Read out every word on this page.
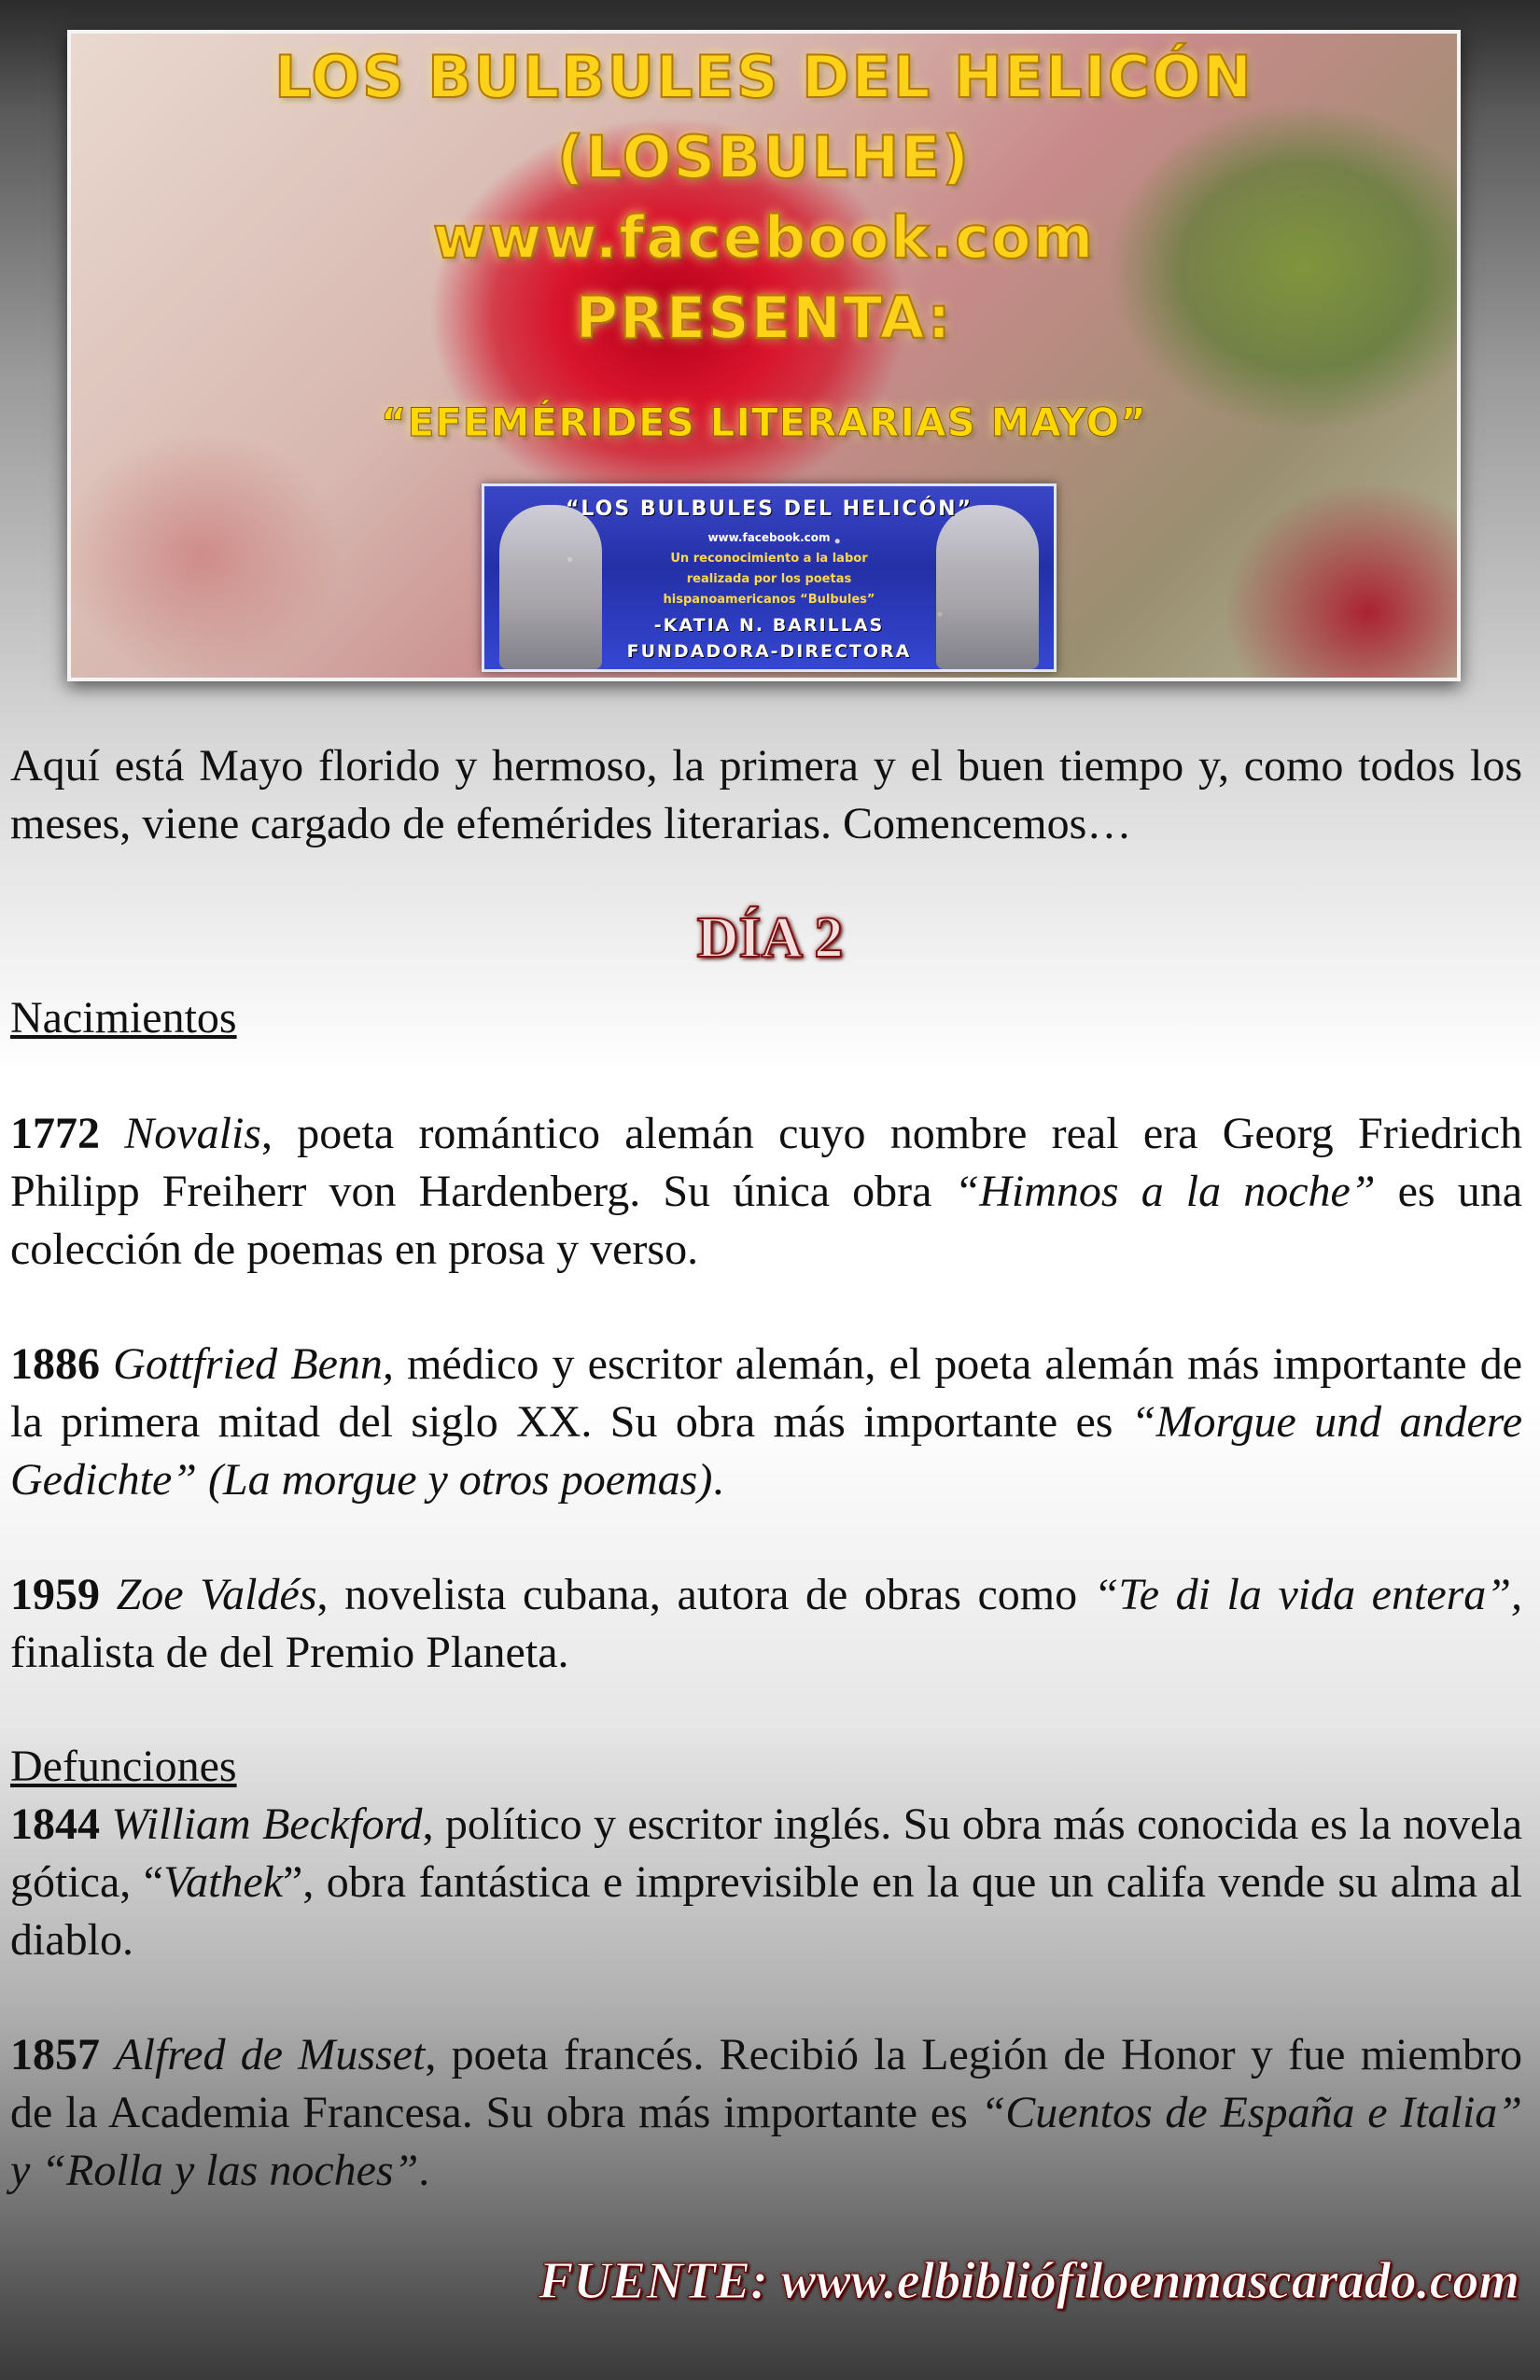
LOS BULBULES DEL HELICÓN
(LOSBULHE)
www.facebook.com
PRESENTA:
“EFEMÉRIDES LITERARIAS MAYO”
“LOS BULBULES DEL HELICÓN”
www.facebook.com
Un reconocimiento a la labor
realizada por los poetas
hispanoamericanos “Bulbules”
-KATIA N. BARILLAS
FUNDADORA-DIRECTORA
Aquí está Mayo florido y hermoso, la primera y el buen tiempo y, como todos los meses, viene cargado de efemérides literarias. Comencemos…
DÍA 2
Nacimientos
1772 Novalis, poeta romántico alemán cuyo nombre real era Georg Friedrich Philipp Freiherr von Hardenberg. Su única obra “Himnos a la noche” es una colección de poemas en prosa y verso.
1886 Gottfried Benn, médico y escritor alemán, el poeta alemán más importante de la primera mitad del siglo XX. Su obra más importante es “Morgue und andere Gedichte” (La morgue y otros poemas).
1959 Zoe Valdés, novelista cubana, autora de obras como “Te di la vida entera”, finalista de del Premio Planeta.
Defunciones
1844 William Beckford, político y escritor inglés. Su obra más conocida es la novela gótica, “Vathek”, obra fantástica e imprevisible en la que un califa vende su alma al diablo.
1857 Alfred de Musset, poeta francés. Recibió la Legión de Honor y fue miembro de la Academia Francesa. Su obra más importante es “Cuentos de España e Italia” y “Rolla y las noches”.
FUENTE: www.elbibliófiloenmascarado.com
